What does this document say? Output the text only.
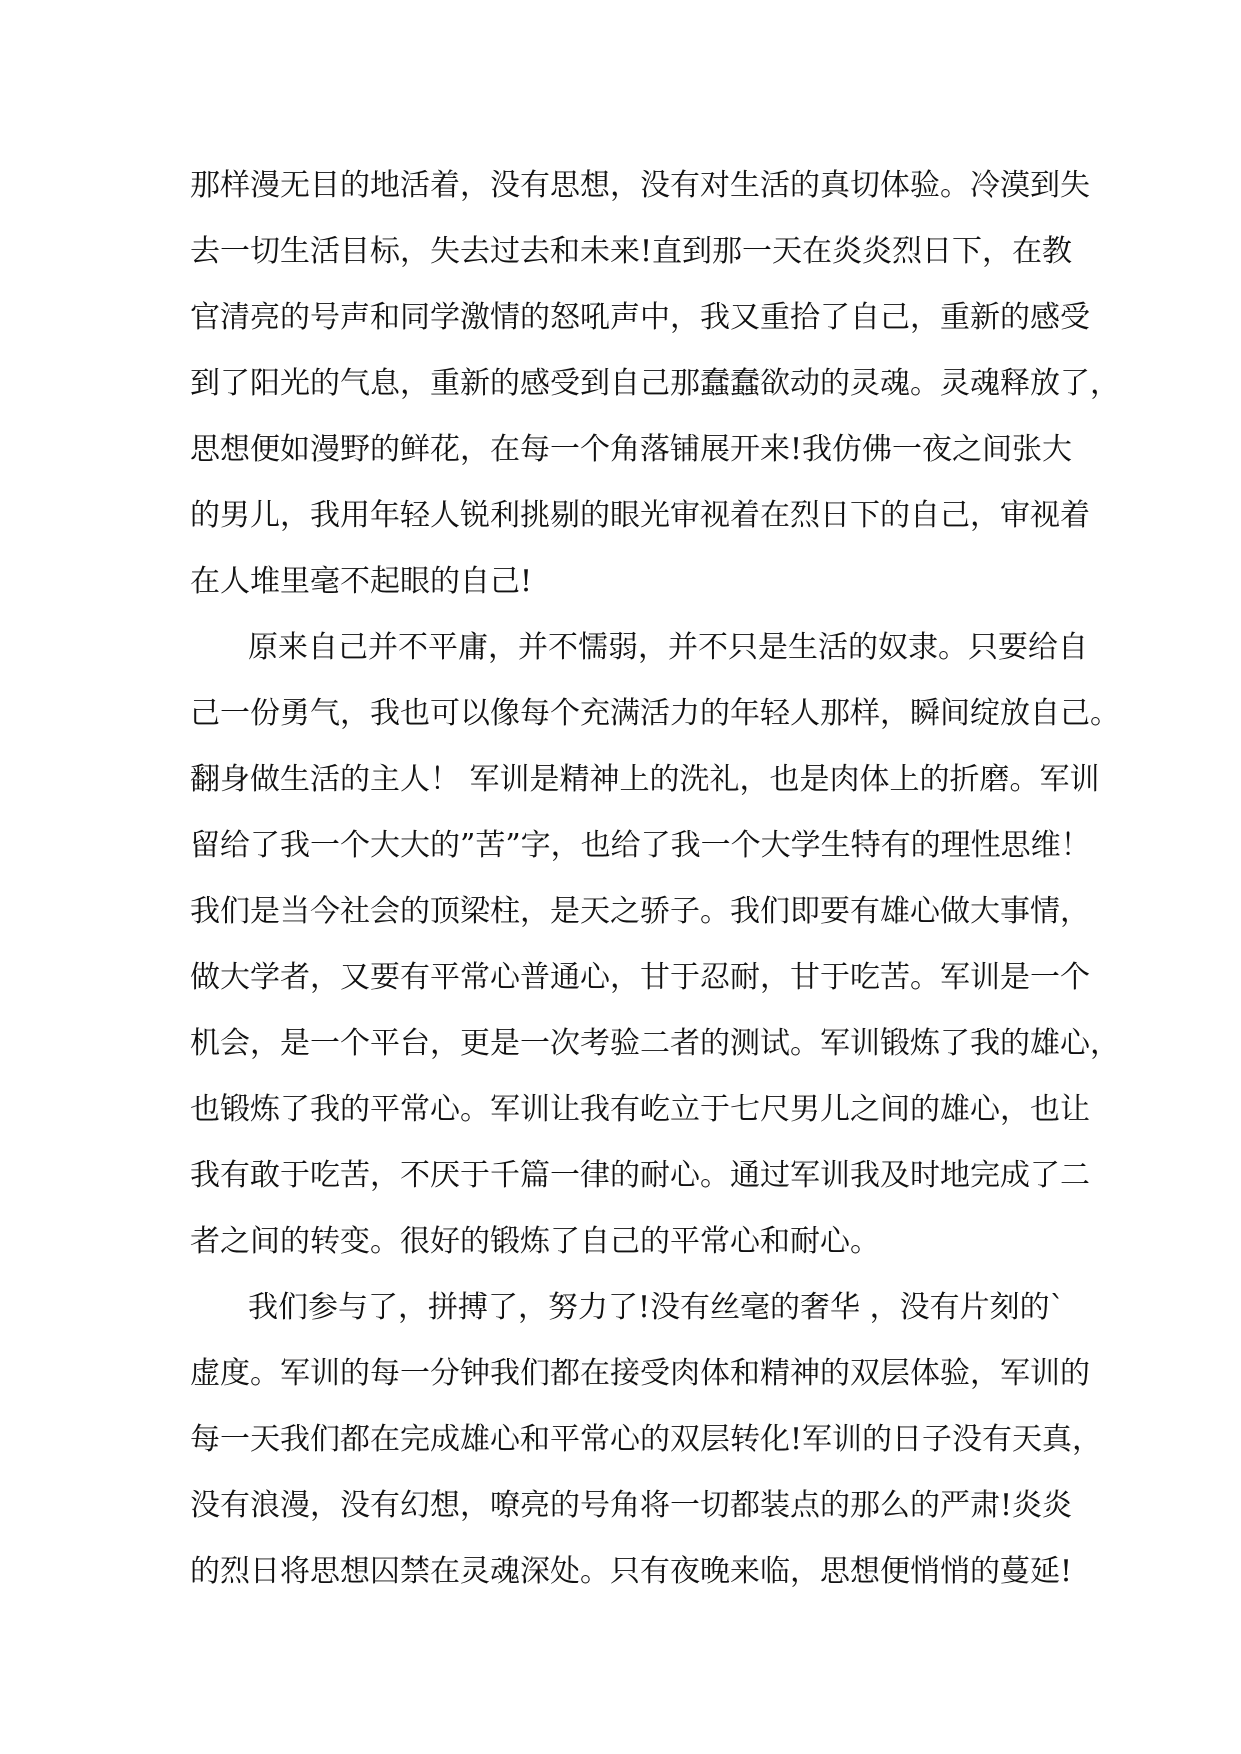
那样漫无目的地活着，没有思想，没有对生活的真切体验。冷漠到失
去一切生活目标，失去过去和未来!直到那一天在炎炎烈日下，在教
官清亮的号声和同学激情的怒吼声中，我又重拾了自己，重新的感受
到了阳光的气息，重新的感受到自己那蠢蠢欲动的灵魂。灵魂释放了，
思想便如漫野的鲜花，在每一个角落铺展开来!我仿佛一夜之间张大
的男儿，我用年轻人锐利挑剔的眼光审视着在烈日下的自己，审视着
在人堆里毫不起眼的自己!
原来自己并不平庸，并不懦弱，并不只是生活的奴隶。只要给自
己一份勇气，我也可以像每个充满活力的年轻人那样，瞬间绽放自己。
翻身做生活的主人！ 军训是精神上的洗礼，也是肉体上的折磨。军训
留给了我一个大大的”苦”字，也给了我一个大学生特有的理性思维！
我们是当今社会的顶梁柱，是天之骄子。我们即要有雄心做大事情，
做大学者，又要有平常心普通心，甘于忍耐，甘于吃苦。军训是一个
机会，是一个平台，更是一次考验二者的测试。军训锻炼了我的雄心，
也锻炼了我的平常心。军训让我有屹立于七尺男儿之间的雄心，也让
我有敢于吃苦，不厌于千篇一律的耐心。通过军训我及时地完成了二
者之间的转变。很好的锻炼了自己的平常心和耐心。
我们参与了，拼搏了，努力了!没有丝毫的奢华 ，没有片刻的`
虚度。军训的每一分钟我们都在接受肉体和精神的双层体验，军训的
每一天我们都在完成雄心和平常心的双层转化!军训的日子没有天真，
没有浪漫，没有幻想，嘹亮的号角将一切都装点的那么的严肃!炎炎
的烈日将思想囚禁在灵魂深处。只有夜晚来临，思想便悄悄的蔓延!
